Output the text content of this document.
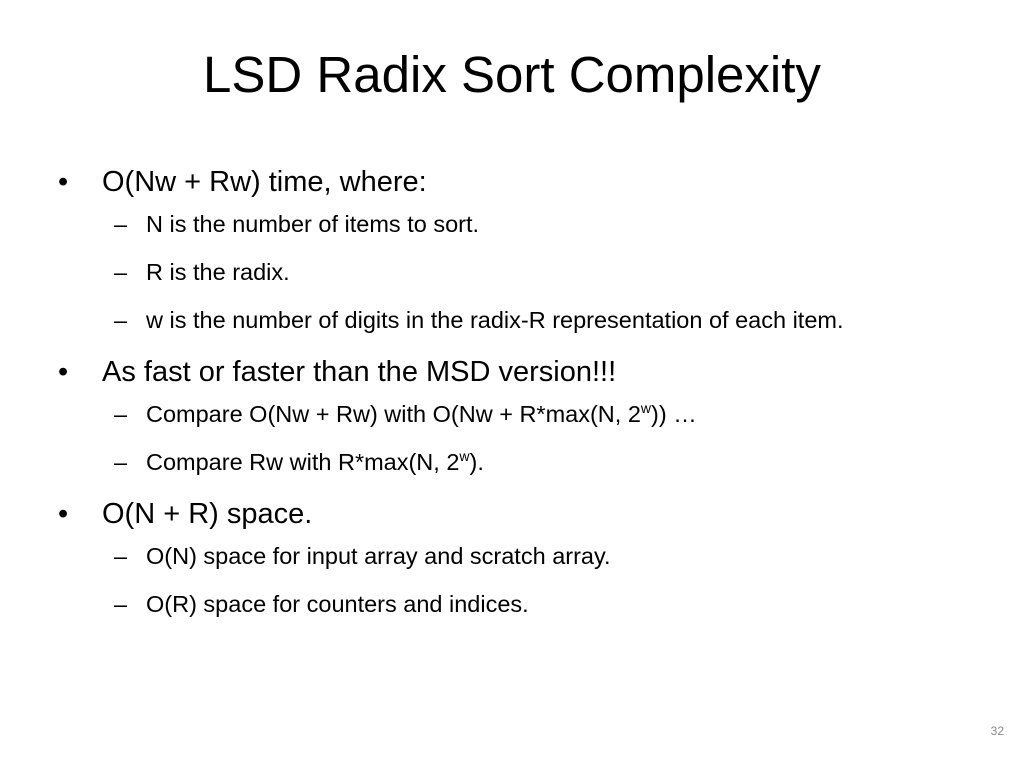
LSD Radix Sort Complexity
•	O(Nw + Rw) time, where:
– N is the number of items to sort.
– R is the radix.
– w is the number of digits in the radix-R representation of each item.
•	As fast or faster than the MSD version!!!
– Compare O(Nw + Rw) with O(Nw + R*max(N, 2$^w$)) …
– Compare Rw with R*max(N, 2$^w$).
•	O(N + R) space.
– O(N) space for input array and scratch array.
– O(R) space for counters and indices.
32
